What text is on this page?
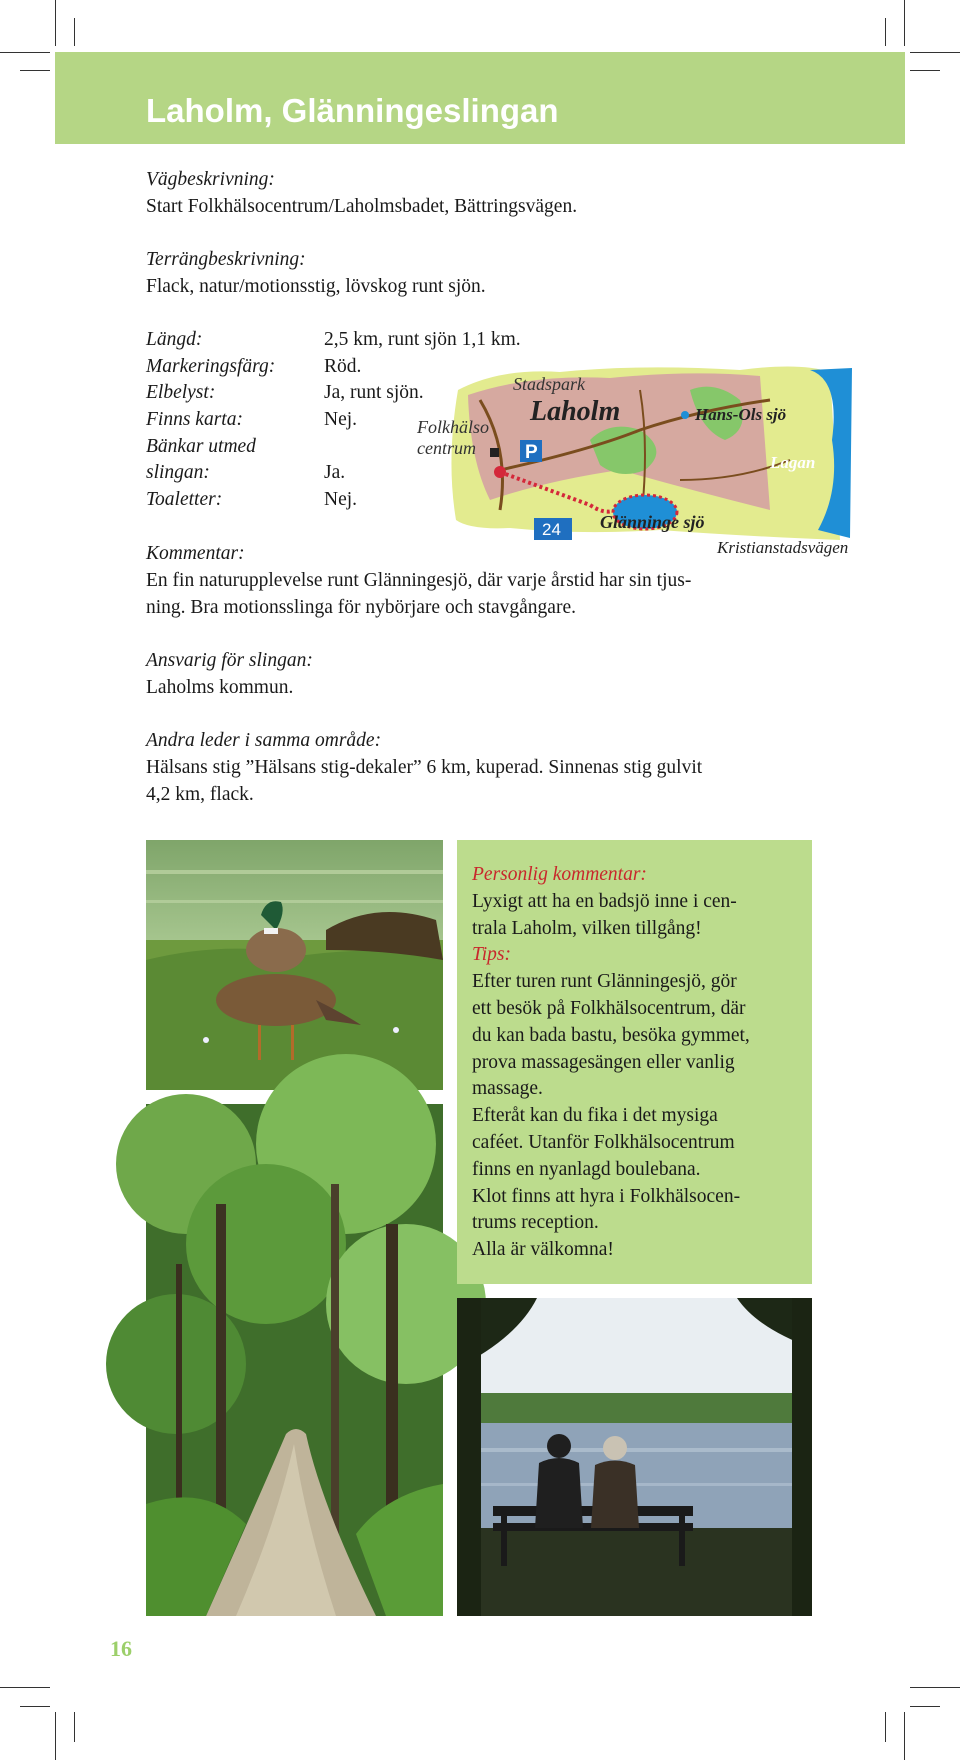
Laholm, Glänningeslingan
Vägbeskrivning:
Start Folkhälsocentrum/Laholmsbadet, Bättringsvägen.
Terrängbeskrivning:
Flack, natur/motionsstig, lövskog runt sjön.
Längd:	2,5 km, runt sjön 1,1 km.
Markeringsfärg: Röd.
Elbelyst:	Ja, runt sjön.
Finns karta:	Nej.
Bänkar utmed
slingan:	Ja.
Toaletter:	Nej.
Stadspark
Laholm	Hans-Ols sjö
Lagan
Folkhälso
centrum	P
24 Glänninge sjö
Kristianstadsvägen
Kommentar:
En fin naturupplevelse runt Glänningesjö, där varje årstid har sin tjus-
ning. Bra motionsslinga för nybörjare och stavgångare.
Ansvarig för slingan:
Laholms kommun.
Andra leder i samma område:
Hälsans stig ”Hälsans stig-dekaler” 6 km, kuperad. Sinnenas stig gulvit
4,2 km, flack.
Personlig kommentar:
Lyxigt att ha en badsjö inne i cen-
trala Laholm, vilken tillgång!
Tips:
Efter turen runt Glänningesjö, gör
ett besök på Folkhälsocentrum, där
du kan bada bastu, besöka gymmet,
prova massagesängen eller vanlig
massage.
Efteråt kan du fika i det mysiga
caféet. Utanför Folkhälsocentrum
finns en nyanlagd boulebana.
Klot finns att hyra i Folkhälsocen-
trums reception.
Alla är välkomna!
16
